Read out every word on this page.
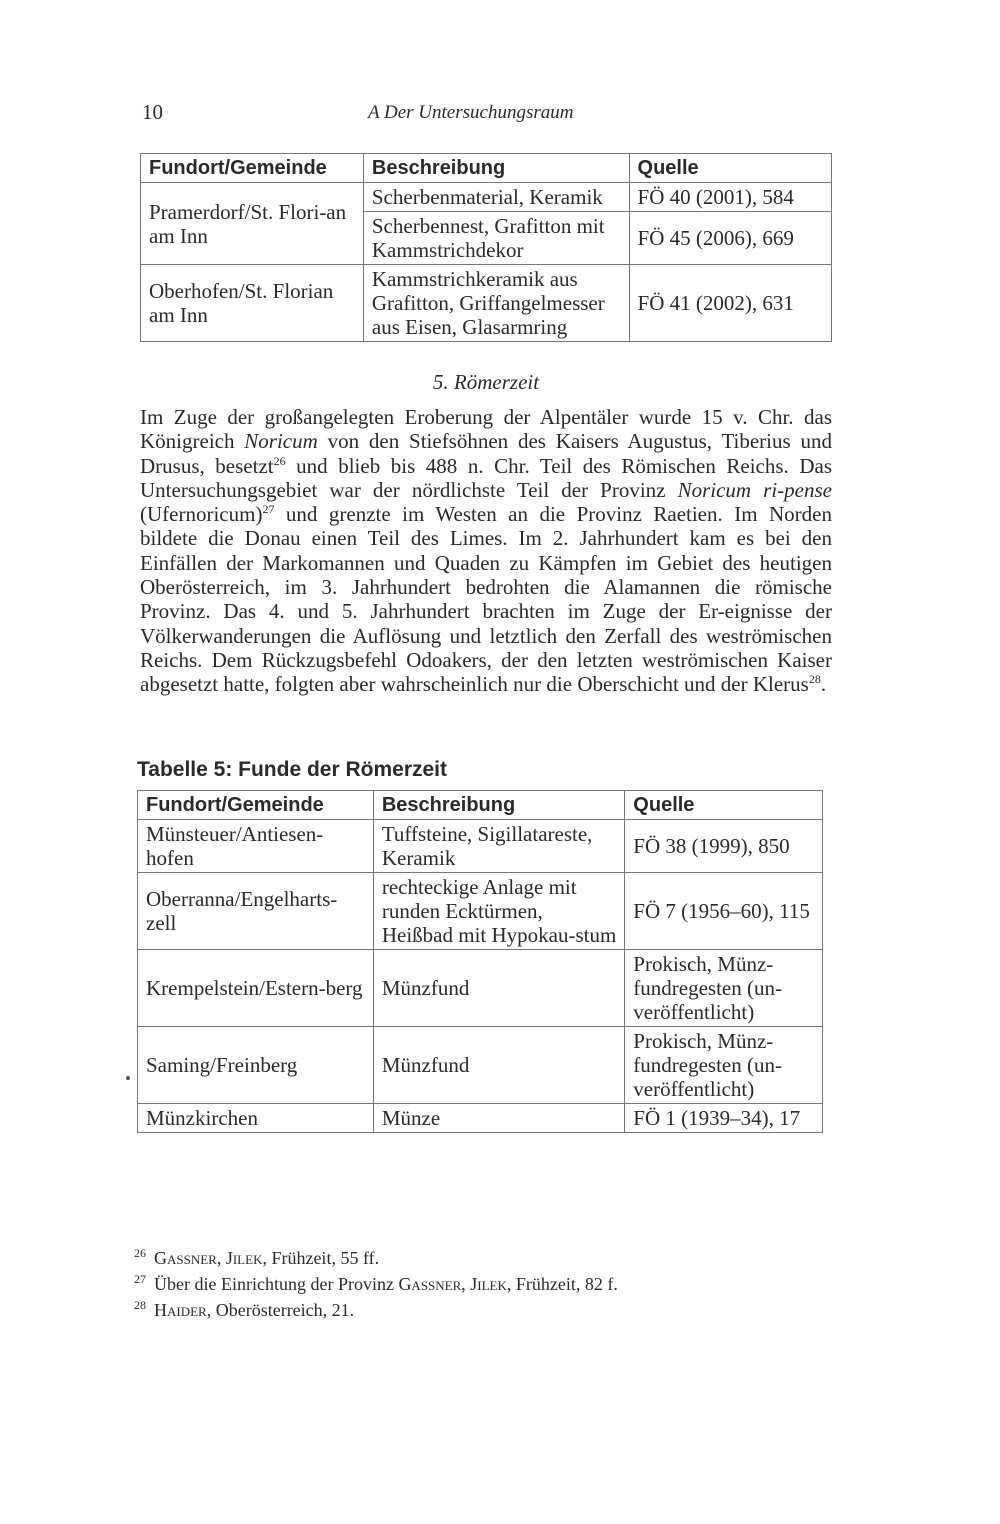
10	A Der Untersuchungsraum
Fundort/Gemeinde	Beschreibung	Quelle
Pramerdorf/St. Flori-an am Inn	Scherbenmaterial, Keramik	FÖ 40 (2001), 584
	Scherbennest, Grafitton mit Kammstrichdekor	FÖ 45 (2006), 669
Oberhofen/St. Florian am Inn	Kammstrichkeramik aus Grafitton, Griffangelmesser aus Eisen, Glasarmring	FÖ 41 (2002), 631
5. Römerzeit

Im Zuge der großangelegten Eroberung der Alpentäler wurde 15 v. Chr. das Königreich Noricum von den Stiefsöhnen des Kaisers Augustus, Tiberius und Drusus, besetzt$^{26}$ und blieb bis 488 n. Chr. Teil des Römischen Reichs. Das Untersuchungsgebiet war der nördlichste Teil der Provinz Noricum ri-pense (Ufernoricum)$^{27}$ und grenzte im Westen an die Provinz Raetien. Im Norden bildete die Donau einen Teil des Limes. Im 2. Jahrhundert kam es bei den Einfällen der Markomannen und Quaden zu Kämpfen im Gebiet des heutigen Oberösterreich, im 3. Jahrhundert bedrohten die Alamannen die römische Provinz. Das 4. und 5. Jahrhundert brachten im Zuge der Er-eignisse der Völkerwanderungen die Auflösung und letztlich den Zerfall des weströmischen Reichs. Dem Rückzugsbefehl Odoakers, der den letzten weströmischen Kaiser abgesetzt hatte, folgten aber wahrscheinlich nur die Oberschicht und der Klerus$^{28}$.

Tabelle 5: Funde der Römerzeit
Fundort/Gemeinde	Beschreibung	Quelle
Münsteuer/Antiesen-hofen	Tuffsteine, Sigillatareste, Keramik	FÖ 38 (1999), 850
Oberranna/Engelharts-zell	rechteckige Anlage mit runden Ecktürmen, Heißbad mit Hypokau-stum	FÖ 7 (1956–60), 115
Krempelstein/Estern-berg	Münzfund	Prokisch, Münz-fundregesten (un-veröffentlicht)
Saming/Freinberg	Münzfund	Prokisch, Münz-fundregesten (un-veröffentlicht)
Münzkirchen	Münze	FÖ 1 (1939–34), 17
26 Gassner, Jilek, Frühzeit, 55 ff.
27 Über die Einrichtung der Provinz Gassner, Jilek, Frühzeit, 82 f.
28 Haider, Oberösterreich, 21.
